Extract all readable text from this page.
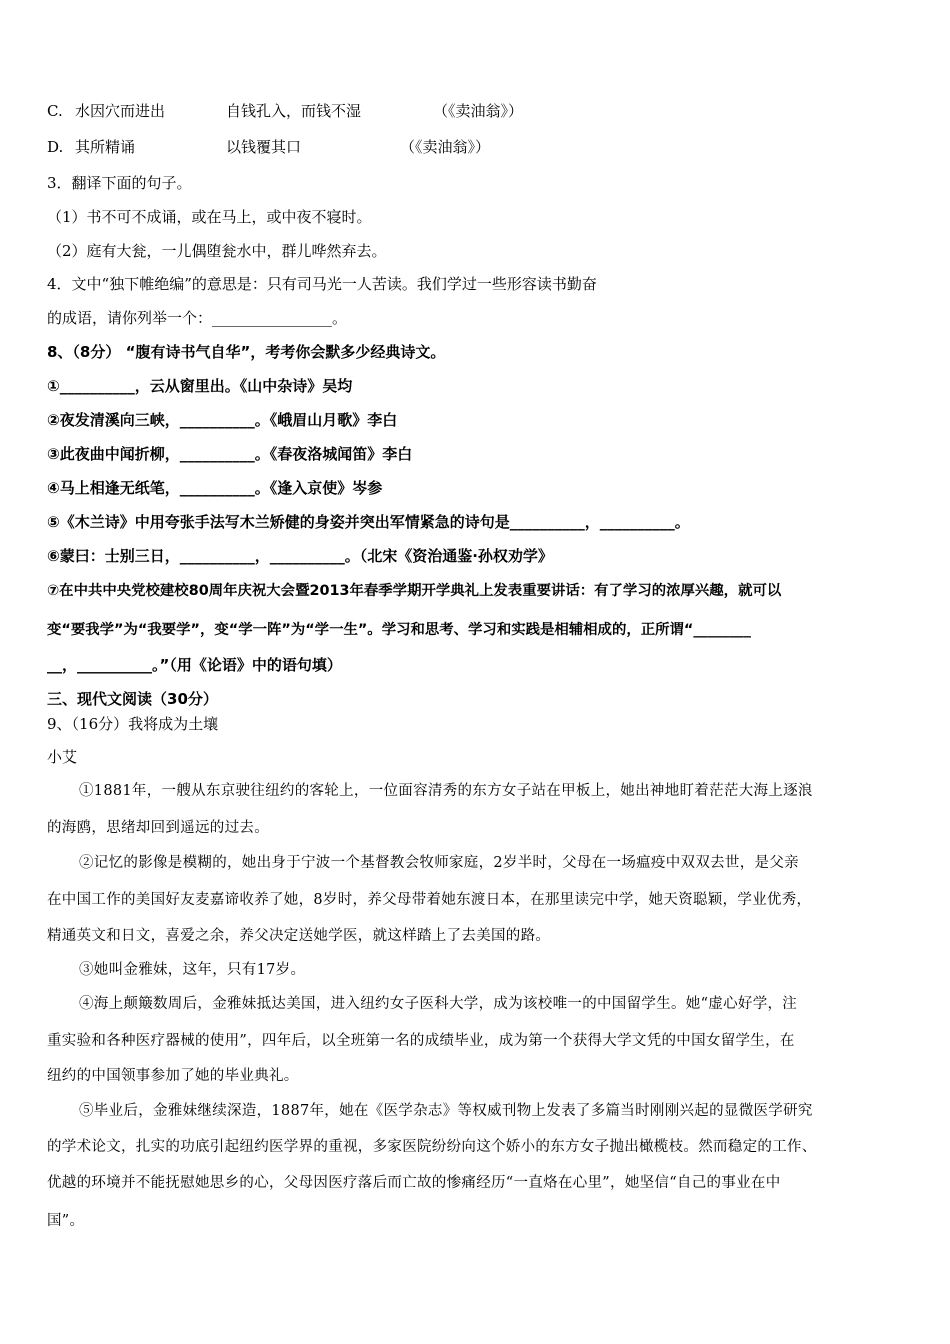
C. 水因穴而进出	自钱孔入，而钱不湿	（《卖油翁》）
D. 其所精诵	以钱覆其口	（《卖油翁》）
3．翻译下面的句子。
（1）书不可不成诵，或在马上，或中夜不寝时。
（2）庭有大瓮，一儿偶堕瓮水中，群儿哗然弃去。
4．文中“独下帷绝编”的意思是：只有司马光一人苦读。我们学过一些形容读书勤奋
的成语，请你列举一个：________________。
8、（8分） “腹有诗书气自华”，考考你会默多少经典诗文。
①__________，云从窗里出。《山中杂诗》吴均
②夜发清溪向三峡，__________。《峨眉山月歌》李白
③此夜曲中闻折柳，__________。《春夜洛城闻笛》李白
④马上相逢无纸笔，__________。《逢入京使》岑参
⑤《木兰诗》中用夸张手法写木兰矫健的身姿并突出军情紧急的诗句是__________，__________。
⑥蒙曰：士别三日，__________，__________。（北宋《资治通鉴·孙权劝学》
⑦在中共中央党校建校80周年庆祝大会暨2013年春季学期开学典礼上发表重要讲话：有了学习的浓厚兴趣，就可以
变“要我学”为“我要学”，变“学一阵”为“学一生”。学习和思考、学习和实践是相辅相成的，正所谓“________
__，__________。”（用《论语》中的语句填）
三、现代文阅读（30分）
9、（16分）我将成为土壤
小艾
①1881年，一艘从东京驶往纽约的客轮上，一位面容清秀的东方女子站在甲板上，她出神地盯着茫茫大海上逐浪
的海鸥，思绪却回到遥远的过去。
②记忆的影像是模糊的，她出身于宁波一个基督教会牧师家庭，2岁半时，父母在一场瘟疫中双双去世，是父亲
在中国工作的美国好友麦嘉谛收养了她，8岁时，养父母带着她东渡日本，在那里读完中学，她天资聪颖，学业优秀，
精通英文和日文，喜爱之余，养父决定送她学医，就这样踏上了去美国的路。
③她叫金雅妹，这年，只有17岁。
④海上颠簸数周后，金雅妹抵达美国，进入纽约女子医科大学，成为该校唯一的中国留学生。她“虚心好学，注
重实验和各种医疗器械的使用”，四年后，以全班第一名的成绩毕业，成为第一个获得大学文凭的中国女留学生，在
纽约的中国领事参加了她的毕业典礼。
⑤毕业后，金雅妹继续深造，1887年，她在《医学杂志》等权威刊物上发表了多篇当时刚刚兴起的显微医学研究
的学术论文，扎实的功底引起纽约医学界的重视，多家医院纷纷向这个娇小的东方女子抛出橄榄枝。然而稳定的工作、
优越的环境并不能抚慰她思乡的心，父母因医疗落后而亡故的惨痛经历“一直烙在心里”，她坚信“自己的事业在中
国”。
